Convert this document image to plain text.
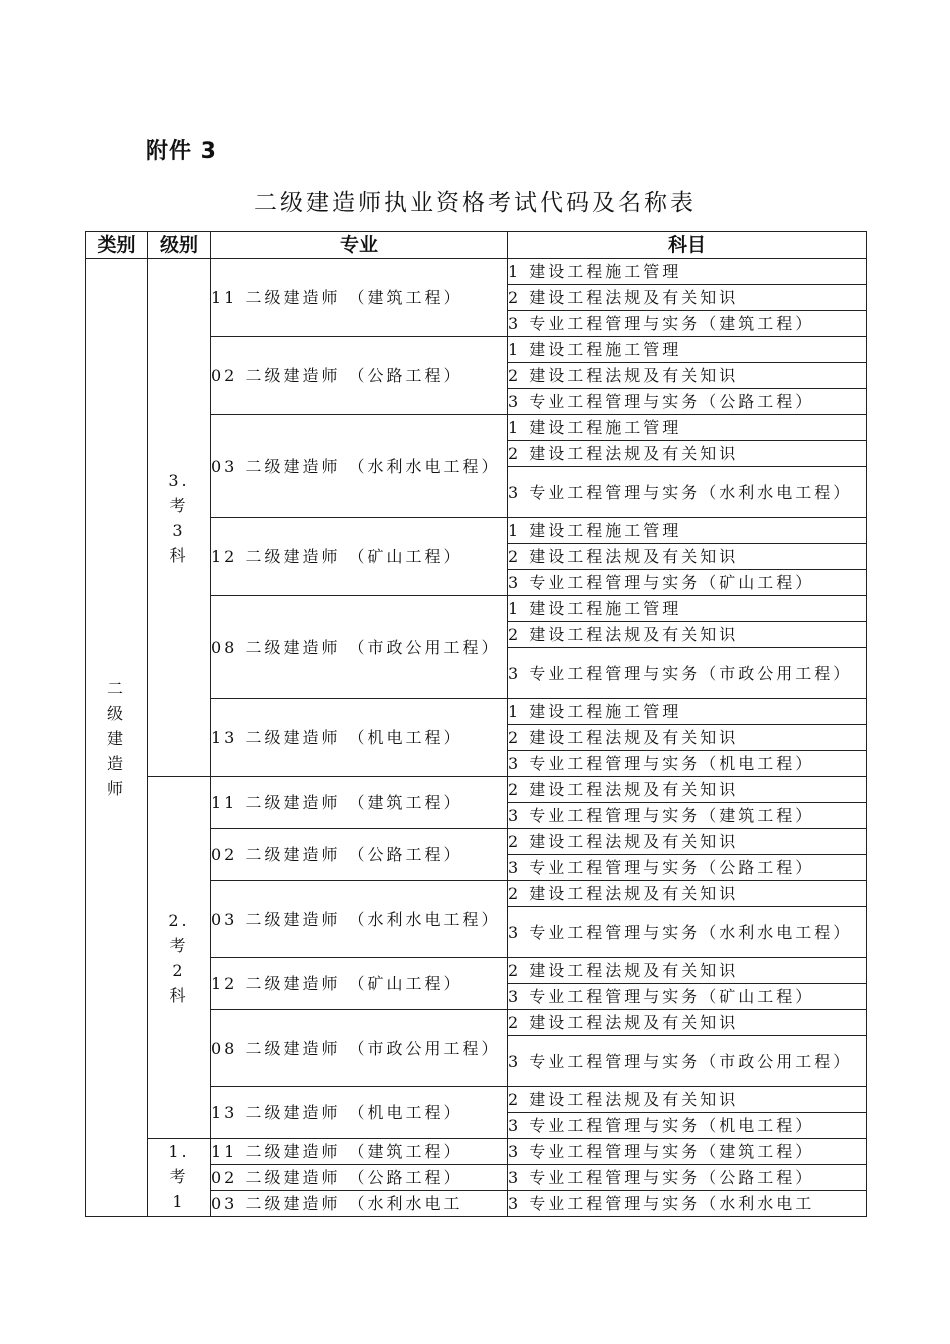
附件 3
二级建造师执业资格考试代码及名称表
类别	级别	专业	科目

二级建造师	3.考3科	11 二级建造师 （建筑工程）	1 建设工程施工管理
			2 建设工程法规及有关知识
			3 专业工程管理与实务（建筑工程）
		02 二级建造师 （公路工程）	1 建设工程施工管理
			2 建设工程法规及有关知识
			3 专业工程管理与实务（公路工程）
		03 二级建造师 （水利水电工程）	1 建设工程施工管理
			2 建设工程法规及有关知识
			3 专业工程管理与实务（水利水电工程）

		12 二级建造师 （矿山工程）	1 建设工程施工管理
			2 建设工程法规及有关知识
			3 专业工程管理与实务（矿山工程）
		08 二级建造师 （市政公用工程）	1 建设工程施工管理
			2 建设工程法规及有关知识
			3 专业工程管理与实务（市政公用工程）

		13 二级建造师 （机电工程）	1 建设工程施工管理
			2 建设工程法规及有关知识
			3 专业工程管理与实务（机电工程）

	2.考2科	11 二级建造师 （建筑工程）	2 建设工程法规及有关知识
			3 专业工程管理与实务（建筑工程）
		02 二级建造师 （公路工程）	2 建设工程法规及有关知识
			3 专业工程管理与实务（公路工程）
		03 二级建造师 （水利水电工程）	2 建设工程法规及有关知识
			3 专业工程管理与实务（水利水电工程）

		12 二级建造师 （矿山工程）	2 建设工程法规及有关知识
			3 专业工程管理与实务（矿山工程）
		08 二级建造师 （市政公用工程）	2 建设工程法规及有关知识
			3 专业工程管理与实务（市政公用工程）

		13 二级建造师 （机电工程）	2 建设工程法规及有关知识
			3 专业工程管理与实务（机电工程）

	1.考1	11 二级建造师 （建筑工程）	3 专业工程管理与实务（建筑工程）
		02 二级建造师 （公路工程）	3 专业工程管理与实务（公路工程）
		03 二级建造师 （水利水电工	3 专业工程管理与实务（水利水电工
